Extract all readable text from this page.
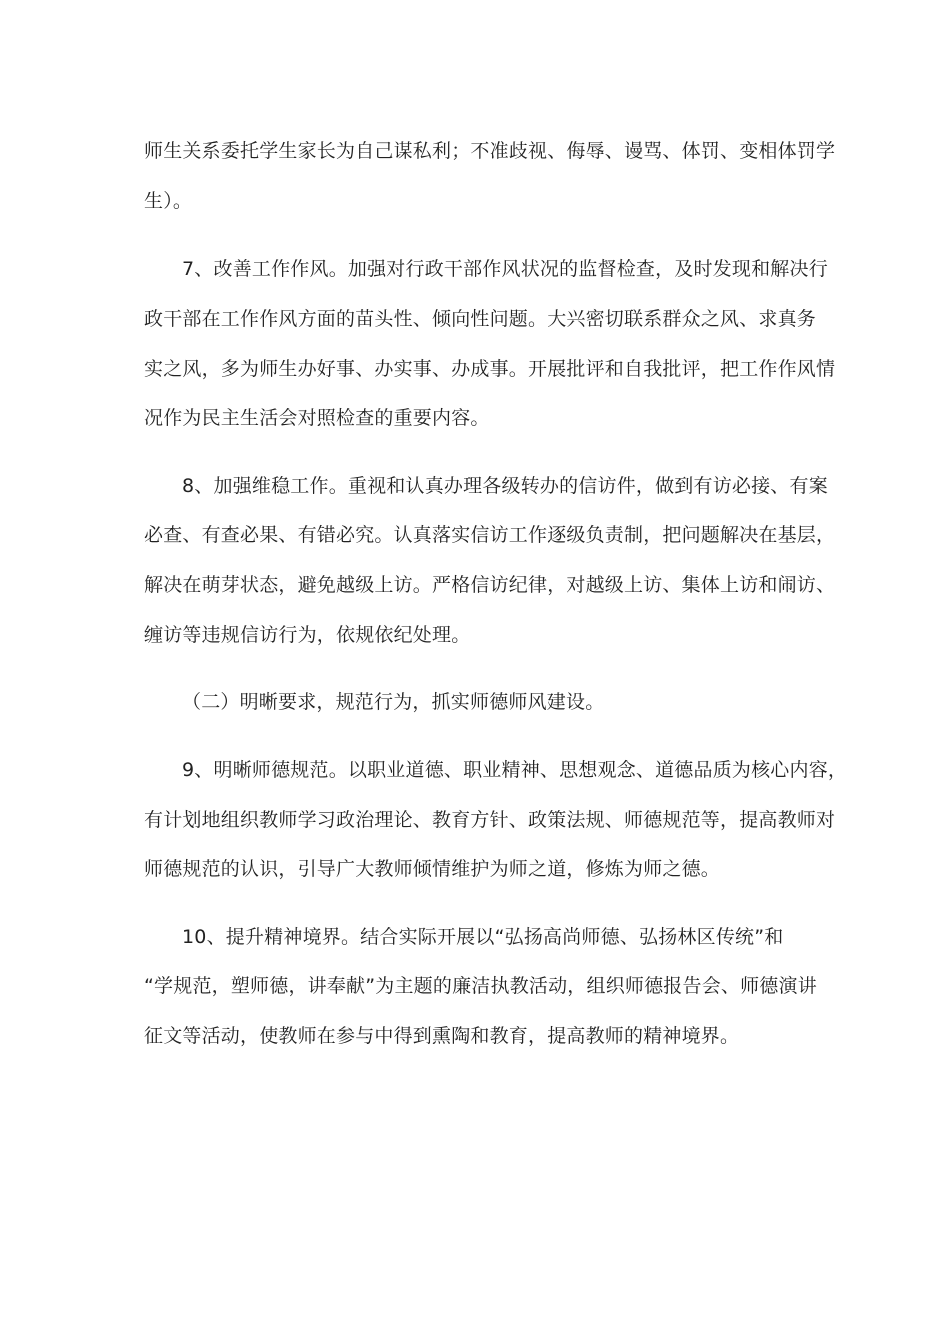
师生关系委托学生家长为自己谋私利；不准歧视、侮辱、谩骂、体罚、变相体罚学
生）。
7、改善工作作风。加强对行政干部作风状况的监督检查，及时发现和解决行
政干部在工作作风方面的苗头性、倾向性问题。大兴密切联系群众之风、求真务
实之风，多为师生办好事、办实事、办成事。开展批评和自我批评，把工作作风情
况作为民主生活会对照检查的重要内容。
8、加强维稳工作。重视和认真办理各级转办的信访件，做到有访必接、有案
必查、有查必果、有错必究。认真落实信访工作逐级负责制，把问题解决在基层，
解决在萌芽状态，避免越级上访。严格信访纪律，对越级上访、集体上访和闹访、
缠访等违规信访行为，依规依纪处理。
（二）明晰要求，规范行为，抓实师德师风建设。
9、明晰师德规范。以职业道德、职业精神、思想观念、道德品质为核心内容，
有计划地组织教师学习政治理论、教育方针、政策法规、师德规范等，提高教师对
师德规范的认识，引导广大教师倾情维护为师之道，修炼为师之德。
10、提升精神境界。结合实际开展以“弘扬高尚师德、弘扬林区传统”和
“学规范，塑师德，讲奉献”为主题的廉洁执教活动，组织师德报告会、师德演讲
征文等活动，使教师在参与中得到熏陶和教育，提高教师的精神境界。
